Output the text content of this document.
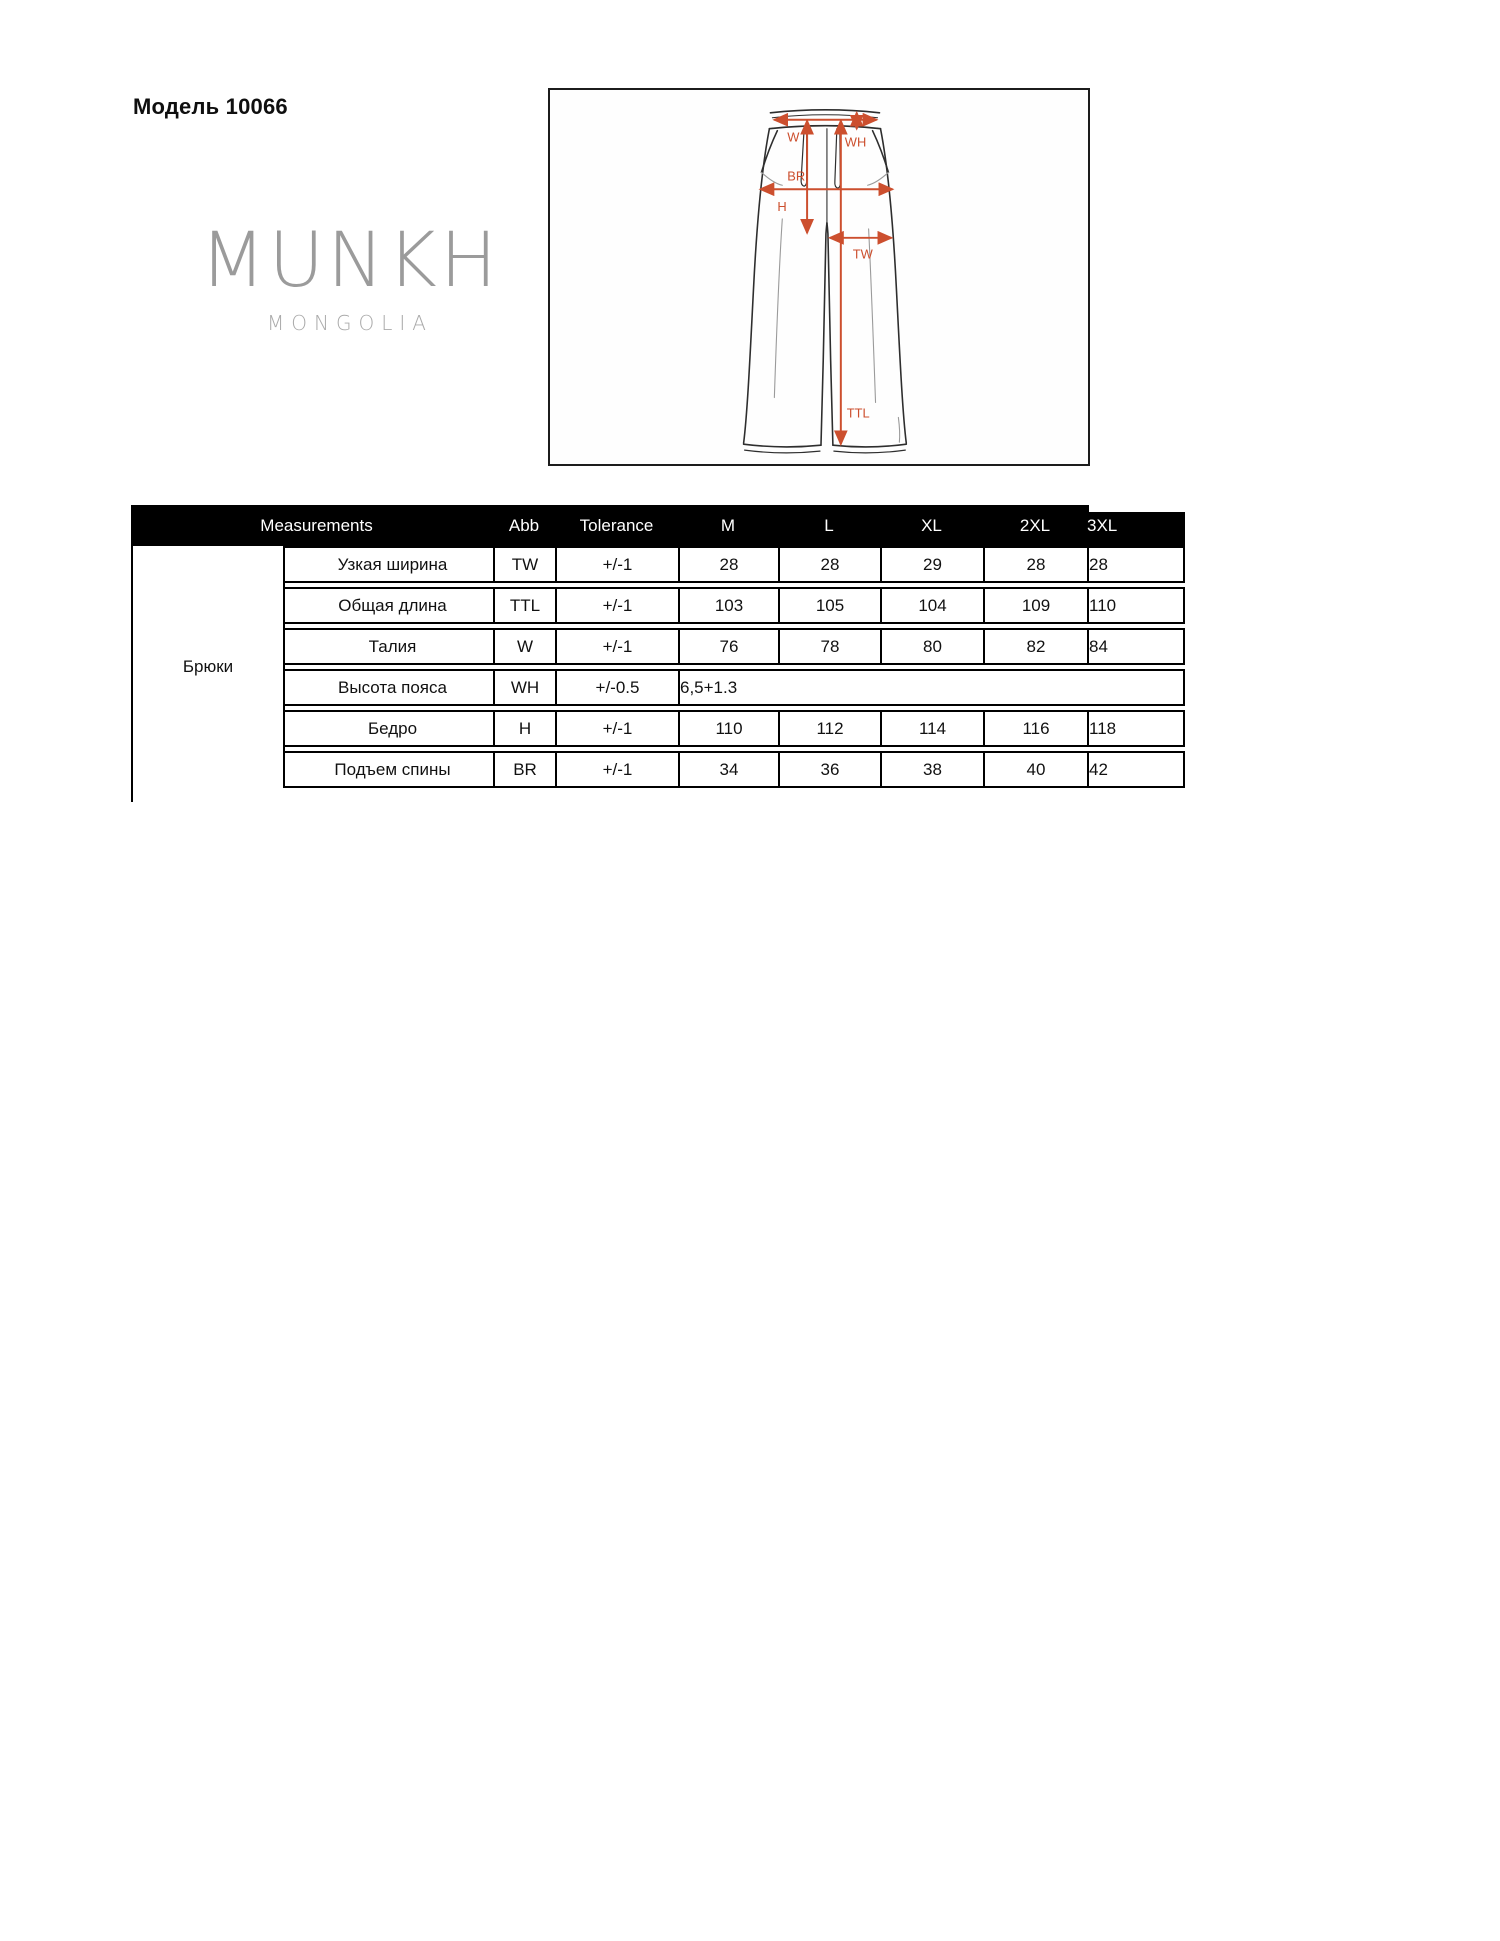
Модель 10066
MUNKH
MONGOLIA
W	WH
BR
H
TW
TTL
Measurements	Abb	Tolerance	M	L	XL	2XL	3XL
Брюки
Узкая ширина	TW	+/-1	28	28	29	28	28
Общая длина	TTL	+/-1	103	105	104	109	110
Талия	W	+/-1	76	78	80	82	84
Высота пояса	WH	+/-0.5	6,5+1.3
Бедро	H	+/-1	110	112	114	116	118
Подъем спины	BR	+/-1	34	36	38	40	42
